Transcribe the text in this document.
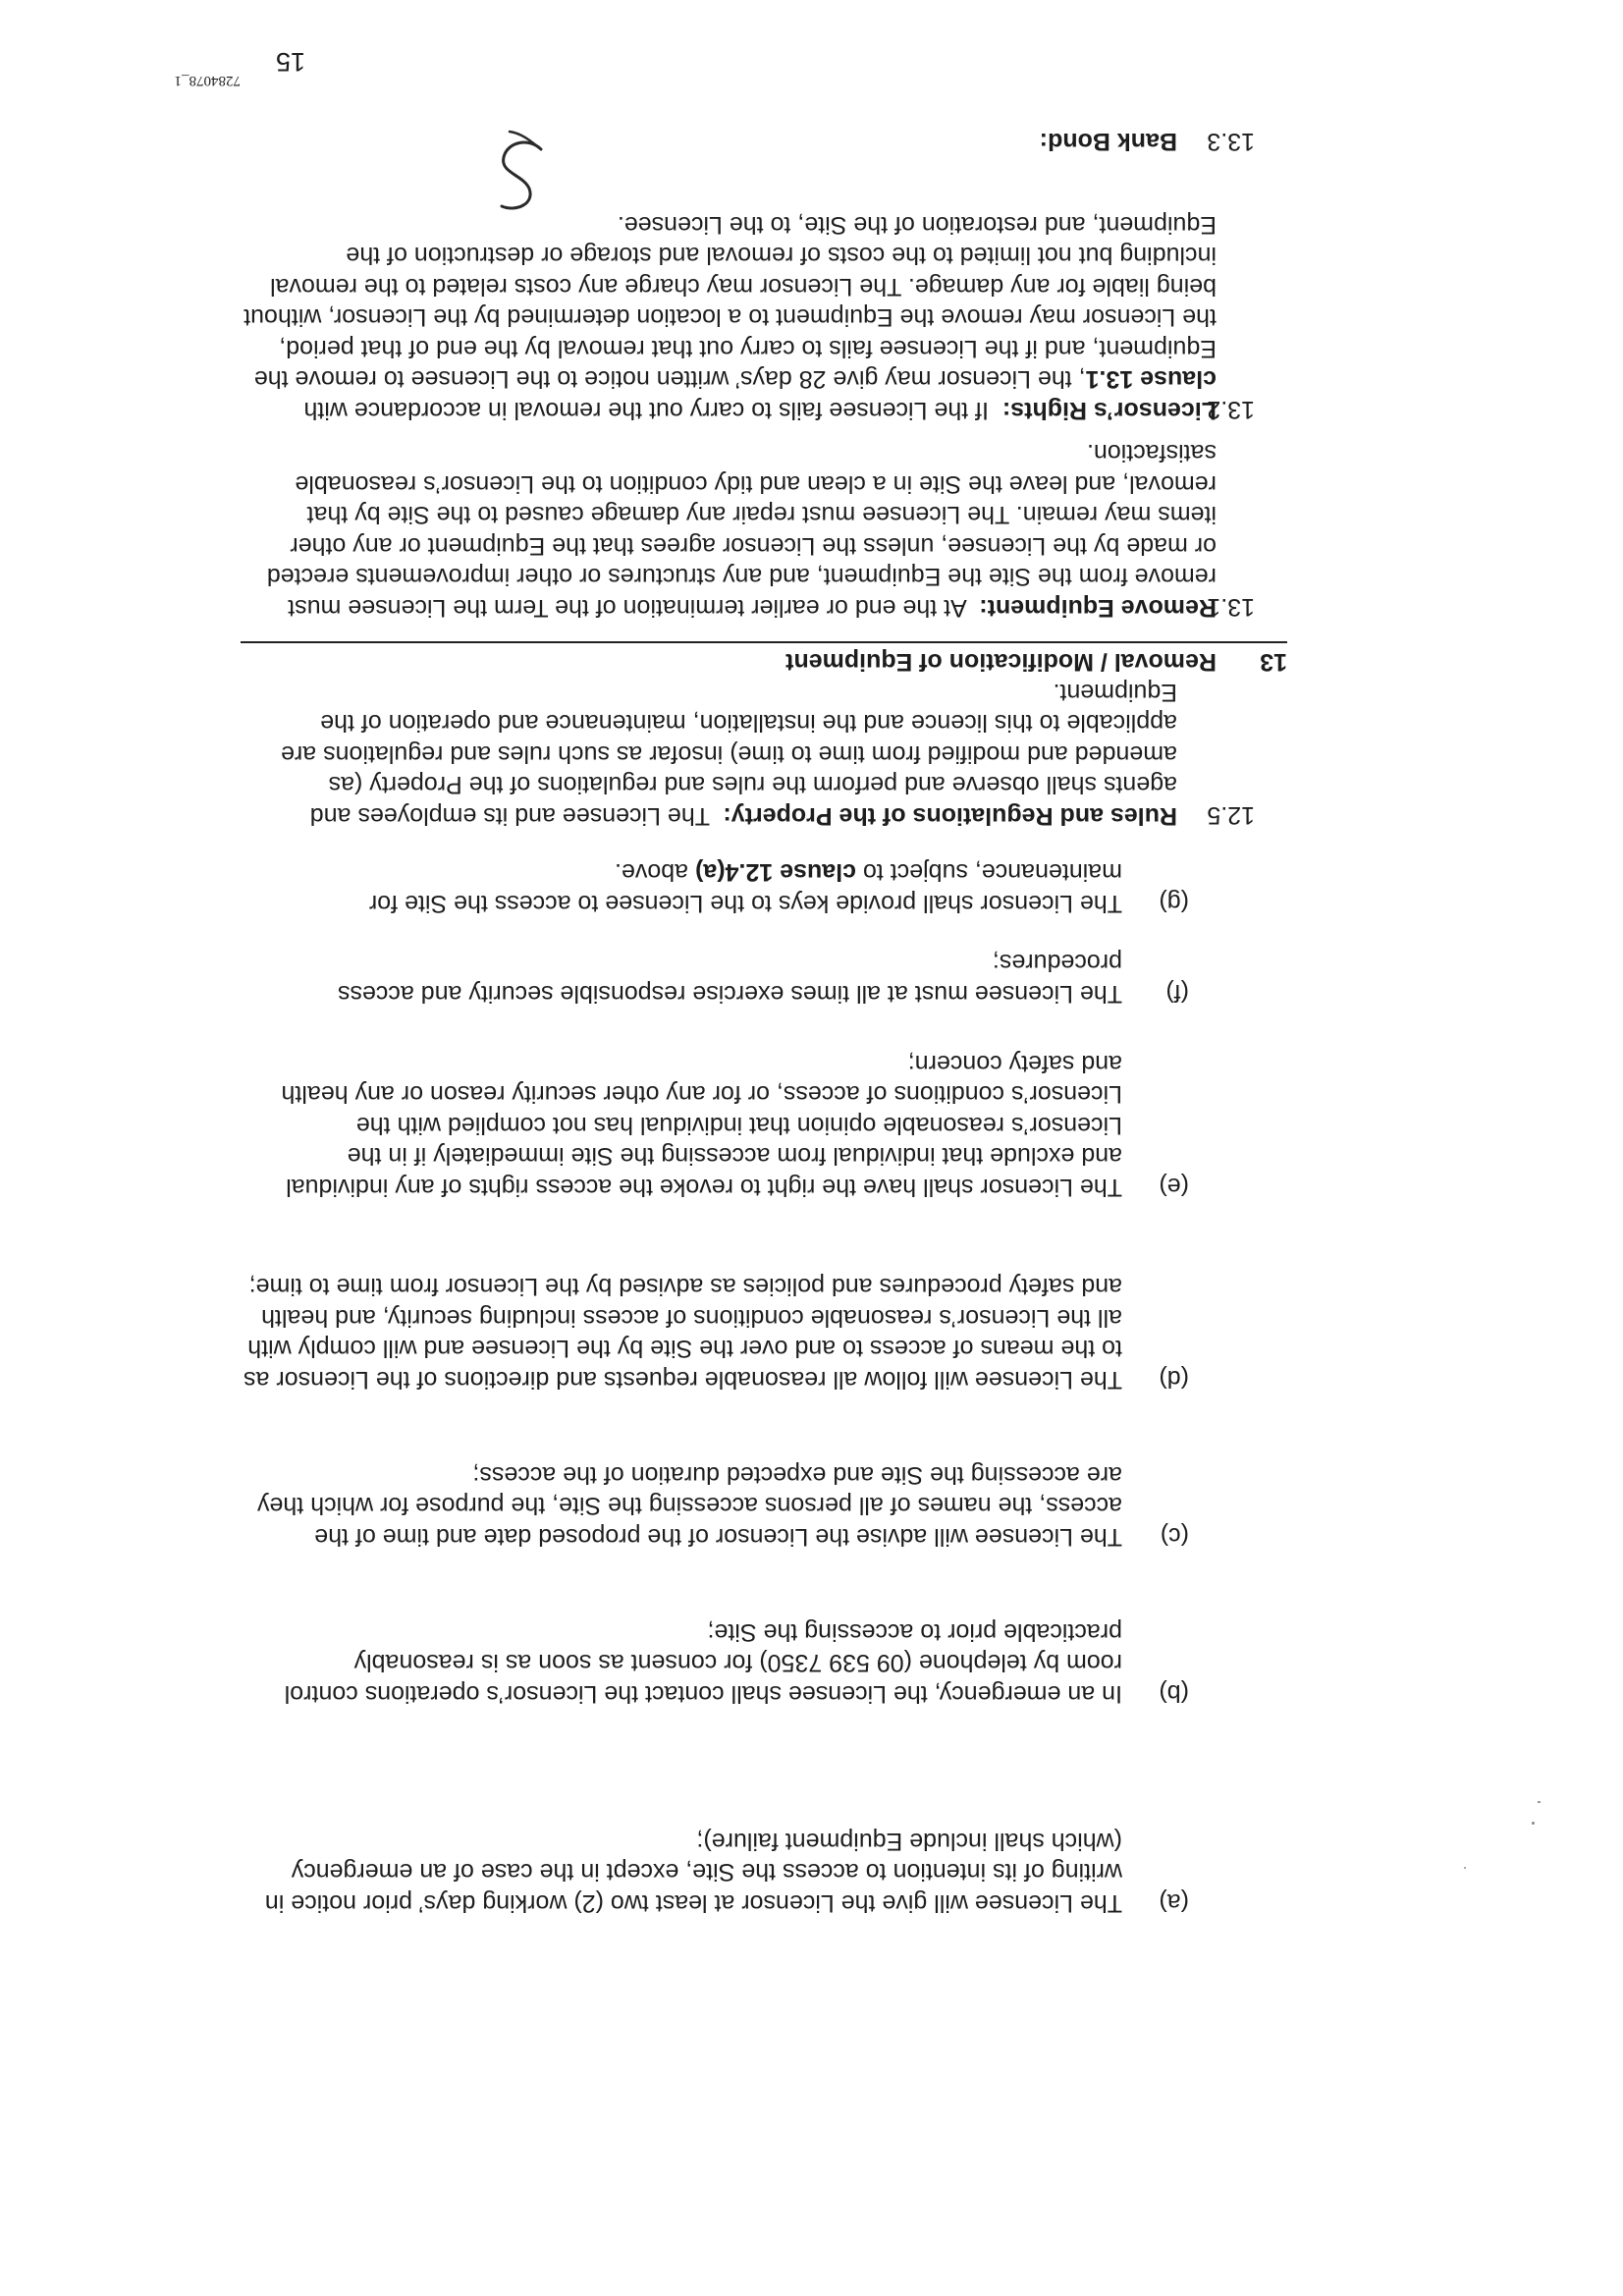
(a)
The Licensee will give the Licensor at least two (2) working days’ prior notice in writing of its intention to access the Site, except in the case of an emergency (which shall include Equipment failure);
(b)
In an emergency, the Licensee shall contact the Licensor’s operations control room by telephone (09 539 7350) for consent as soon as is reasonably practicable prior to accessing the Site;
(c)
The Licensee will advise the Licensor of the proposed date and time of the access, the names of all persons accessing the Site, the purpose for which they are accessing the Site and expected duration of the access;
(d)
The Licensee will follow all reasonable requests and directions of the Licensor as to the means of access to and over the Site by the Licensee and will comply with all the Licensor’s reasonable conditions of access including security, and health and safety procedures and policies as advised by the Licensor from time to time;
(e)
The Licensor shall have the right to revoke the access rights of any individual and exclude that individual from accessing the Site immediately if in the Licensor’s reasonable opinion that individual has not complied with the Licensor’s conditions of access, or for any other security reason or any health and safety concern;
(f)
The Licensee must at all times exercise responsible security and access procedures;
(g)
The Licensor shall provide keys to the Licensee to access the Site for maintenance, subject to clause 12.4(a) above.
12.5
Rules and Regulations of the Property:  The Licensee and its employees and agents shall observe and perform the rules and regulations of the Property (as amended and modified from time to time) insofar as such rules and regulations are applicable to this licence and the installation, maintenance and operation of the Equipment.
13
Removal / Modification of Equipment
13.1
Remove Equipment:  At the end or earlier termination of the Term the Licensee must remove from the Site the Equipment, and any structures or other improvements erected or made by the Licensee, unless the Licensor agrees that the Equipment or any other items may remain. The Licensee must repair any damage caused to the Site by that removal, and leave the Site in a clean and tidy condition to the Licensor’s reasonable satisfaction.
13.2
Licensor’s Rights:  If the Licensee fails to carry out the removal in accordance with clause 13.1, the Licensor may give 28 days’ written notice to the Licensee to remove the Equipment, and if the Licensee fails to carry out that removal by the end of that period, the Licensor may remove the Equipment to a location determined by the Licensor, without being liable for any damage. The Licensor may charge any costs related to the removal including but not limited to the costs of removal and storage or destruction of the Equipment, and restoration of the Site, to the Licensee.
13.3
Bank Bond:
7284078_1
15
